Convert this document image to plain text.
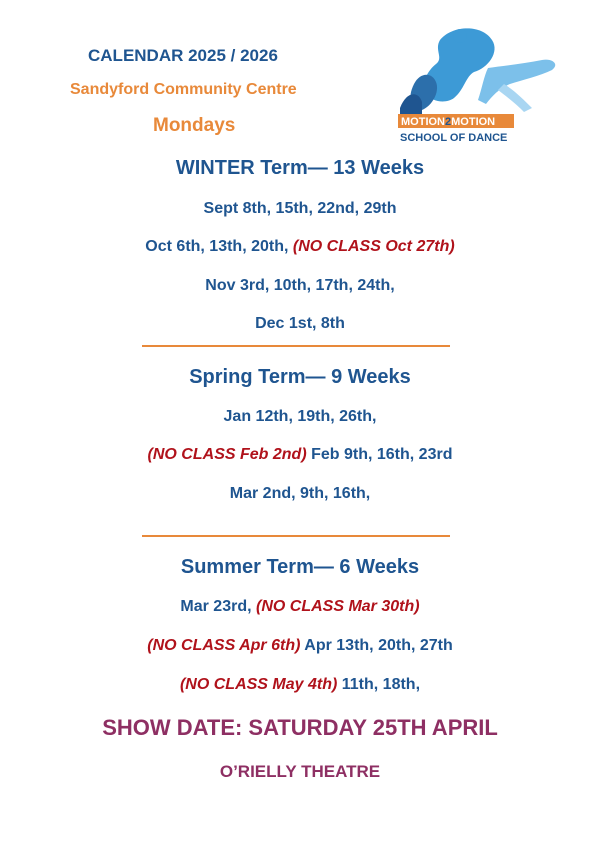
CALENDAR 2025 / 2026
Sandyford Community Centre
Mondays	MOTION2MOTION
SCHOOL OF DANCE
WINTER Term— 13 Weeks
Sept 8th, 15th, 22nd, 29th
Oct 6th, 13th, 20th, (NO CLASS Oct 27th)
Nov 3rd, 10th, 17th, 24th,
Dec 1st, 8th
Spring Term— 9 Weeks
Jan 12th, 19th, 26th,
(NO CLASS Feb 2nd) Feb 9th, 16th, 23rd
Mar 2nd, 9th, 16th,
Summer Term— 6 Weeks
Mar 23rd, (NO CLASS Mar 30th)
(NO CLASS Apr 6th) Apr 13th, 20th, 27th
(NO CLASS May 4th) 11th, 18th,
SHOW DATE: SATURDAY 25TH APRIL
O’RIELLY THEATRE
